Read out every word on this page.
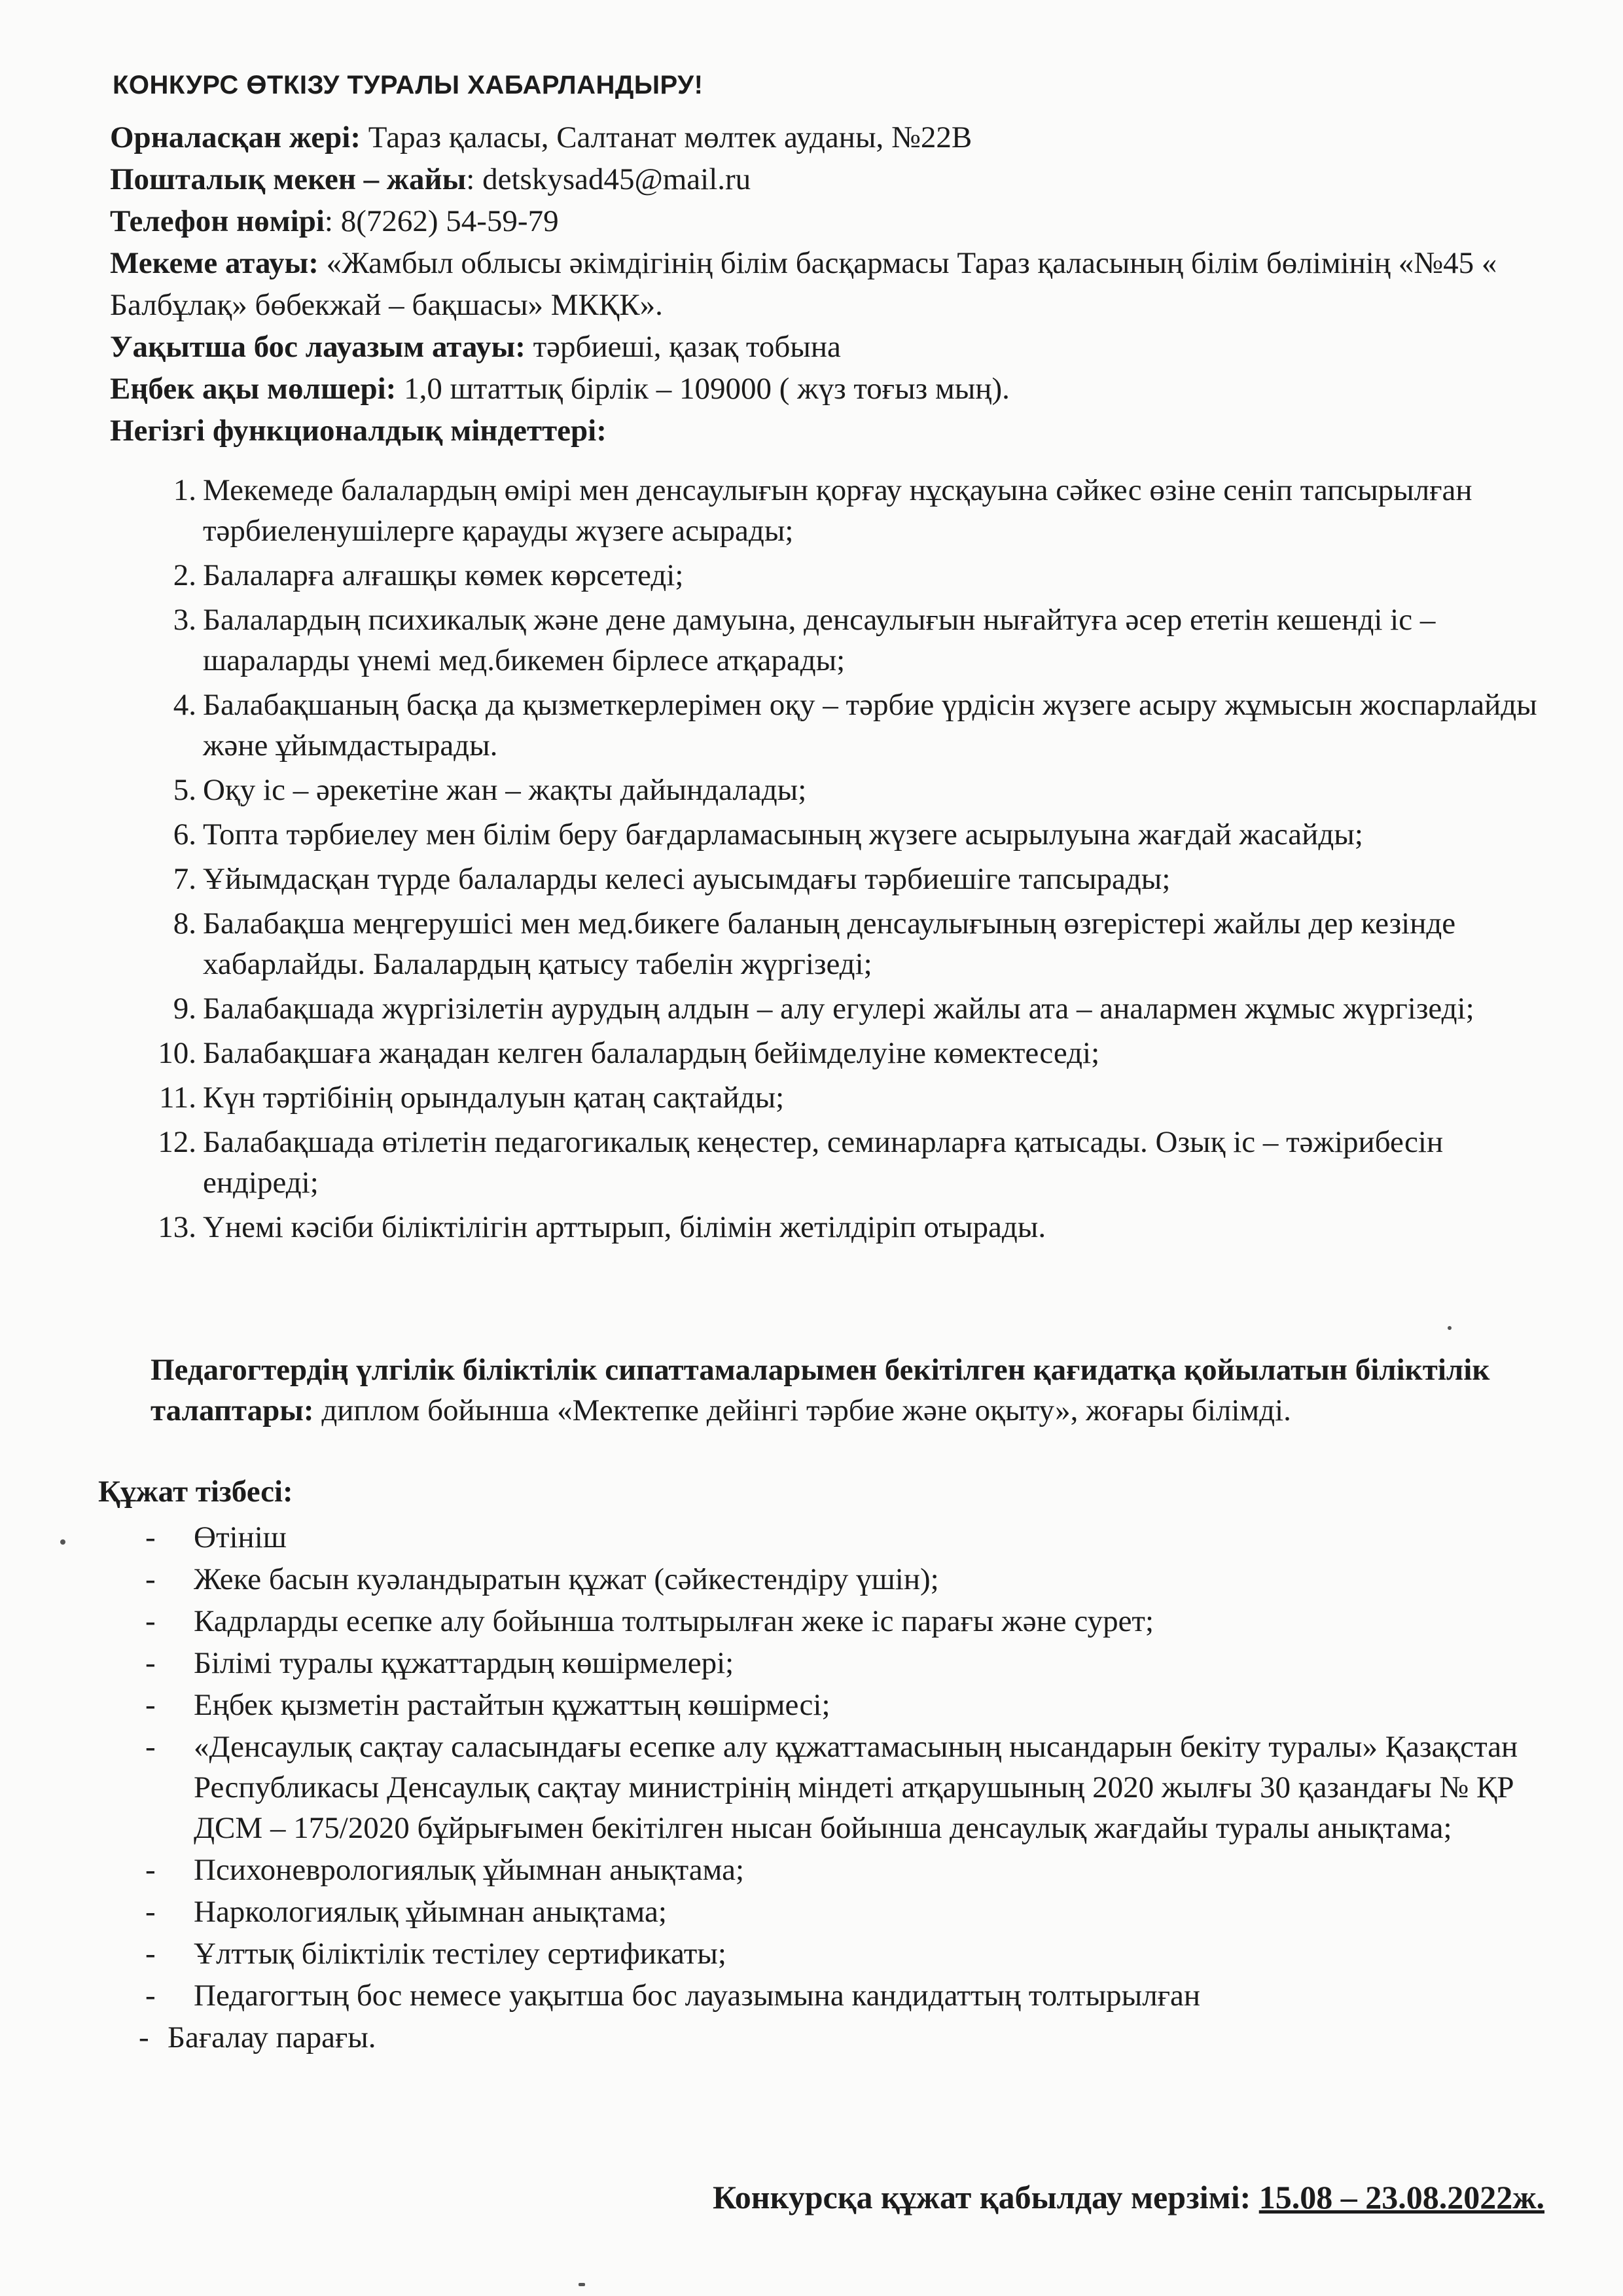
КОНКУРС ӨТКІЗУ ТУРАЛЫ ХАБАРЛАНДЫРУ!

Орналасқан жері: Тараз қаласы, Салтанат мөлтек ауданы, №22В

Пошталық мекен – жайы: detskysad45@mail.ru

Телефон нөмірі: 8(7262) 54-59-79

Мекеме атауы: «Жамбыл облысы әкімдігінің білім басқармасы Тараз қаласының білім бөлімінің «№45 « Балбұлақ» бөбекжай – бақшасы» МКҚК».

Уақытша бос лауазым атауы: тәрбиеші, қазақ тобына

Еңбек ақы мөлшері: 1,0 штаттық бірлік – 109000 ( жүз тоғыз мың).

Негізгі функционалдық міндеттері:

1. Мекемеде балалардың өмірі мен денсаулығын қорғау нұсқауына сәйкес өзіне сеніп тапсырылған тәрбиеленушілерге қарауды жүзеге асырады;
2. Балаларға алғашқы көмек көрсетеді;
3. Балалардың психикалық және дене дамуына, денсаулығын нығайтуға әсер ететін кешенді іс – шараларды үнемі мед.бикемен бірлесе атқарады;
4. Балабақшаның басқа да қызметкерлерімен оқу – тәрбие үрдісін жүзеге асыру жұмысын жоспарлайды және ұйымдастырады.
5. Оқу іс – әрекетіне жан – жақты дайындалады;
6. Топта тәрбиелеу мен білім беру бағдарламасының жүзеге асырылуына жағдай жасайды;
7. Ұйымдасқан түрде балаларды келесі ауысымдағы тәрбиешіге тапсырады;
8. Балабақша меңгерушісі мен мед.бикеге баланың денсаулығының өзгерістері жайлы дер кезінде хабарлайды. Балалардың қатысу табелін жүргізеді;
9. Балабақшада жүргізілетін аурудың алдын – алу егулері жайлы ата – аналармен жұмыс жүргізеді;
10. Балабақшаға жаңадан келген балалардың бейімделуіне көмектеседі;
11. Күн тәртібінің орындалуын қатаң сақтайды;
12. Балабақшада өтілетін педагогикалық кеңестер, семинарларға қатысады. Озық іс – тәжірибесін ендіреді;
13. Үнемі кәсіби біліктілігін арттырып, білімін жетілдіріп отырады.
Педагогтердің үлгілік біліктілік сипаттамаларымен бекітілген қағидатқа қойылатын біліктілік талаптары: диплом бойынша «Мектепке дейінгі тәрбие және оқыту», жоғары білімді.
Құжат тізбесі:
- Өтініш
- Жеке басын куәландыратын құжат (сәйкестендіру үшін);
- Кадрларды есепке алу бойынша толтырылған жеке іс парағы және сурет;
- Білімі туралы құжаттардың көшірмелері;
- Еңбек қызметін растайтын құжаттың көшірмесі;
- «Денсаулық сақтау саласындағы есепке алу құжаттамасының нысандарын бекіту туралы» Қазақстан Республикасы Денсаулық сақтау министрінің міндеті атқарушының 2020 жылғы 30 қазандағы № ҚР ДСМ – 175/2020 бұйрығымен бекітілген нысан бойынша денсаулық жағдайы туралы анықтама;
- Психоневрологиялық ұйымнан анықтама;
- Наркологиялық ұйымнан анықтама;
- Ұлттық біліктілік тестілеу сертификаты;
- Педагогтың бос немесе уақытша бос лауазымына кандидаттың толтырылған
- Бағалау парағы.
Конкурсқа құжат қабылдау мерзімі: 15.08 – 23.08.2022ж.
